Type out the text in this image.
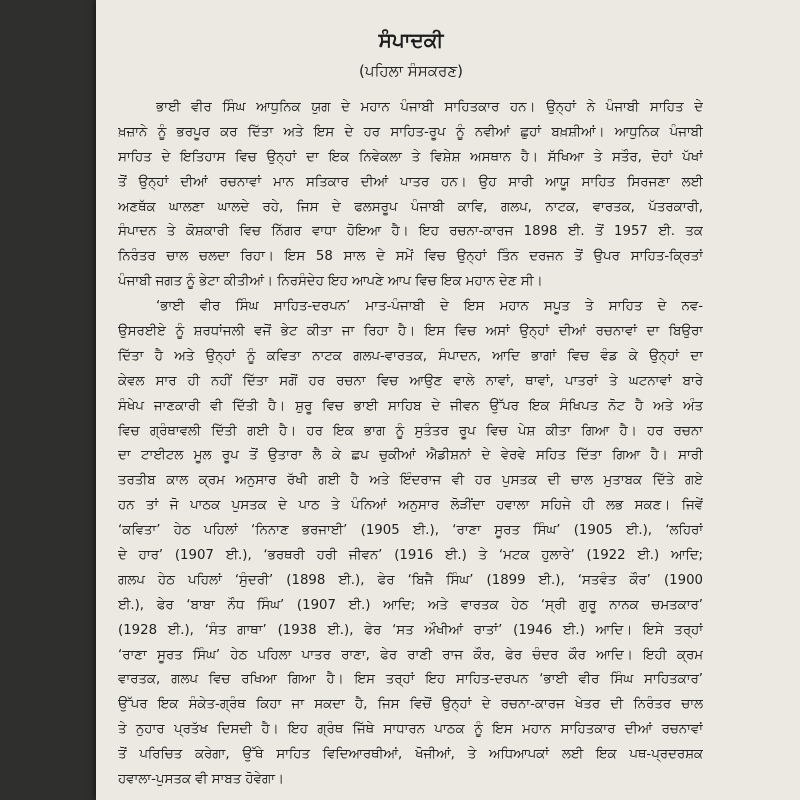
ਸੰਪਾਦਕੀ
(ਪਹਿਲਾ ਸੰਸਕਰਣ)
ਭਾਈ ਵੀਰ ਸਿੰਘ ਆਧੁਨਿਕ ਯੁਗ ਦੇ ਮਹਾਨ ਪੰਜਾਬੀ ਸਾਹਿਤਕਾਰ ਹਨ। ਉਨ੍ਹਾਂ ਨੇ ਪੰਜਾਬੀ ਸਾਹਿਤ ਦੇ
ਖ਼ਜ਼ਾਨੇ ਨੂੰ ਭਰਪੂਰ ਕਰ ਦਿੱਤਾ ਅਤੇ ਇਸ ਦੇ ਹਰ ਸਾਹਿਤ-ਰੂਪ ਨੂੰ ਨਵੀਆਂ ਛੁਹਾਂ ਬਖ਼ਸ਼ੀਆਂ। ਆਧੁਨਿਕ ਪੰਜਾਬੀ
ਸਾਹਿਤ ਦੇ ਇਤਿਹਾਸ ਵਿਚ ਉਨ੍ਹਾਂ ਦਾ ਇਕ ਨਿਵੇਕਲਾ ਤੇ ਵਿਸ਼ੇਸ਼ ਅਸਥਾਨ ਹੈ। ਸੱਖਿਆ ਤੇ ਸਤੌਰ, ਦੋਹਾਂ ਪੱਖਾਂ
ਤੋਂ ਉਨ੍ਹਾਂ ਦੀਆਂ ਰਚਨਾਵਾਂ ਮਾਨ ਸਤਿਕਾਰ ਦੀਆਂ ਪਾਤਰ ਹਨ। ਉਹ ਸਾਰੀ ਆਯੂ ਸਾਹਿਤ ਸਿਰਜਣਾ ਲਈ
ਅਣਥੱਕ ਘਾਲਣਾ ਘਾਲਦੇ ਰਹੇ, ਜਿਸ ਦੇ ਫਲਸਰੂਪ ਪੰਜਾਬੀ ਕਾਵਿ, ਗਲਪ, ਨਾਟਕ, ਵਾਰਤਕ, ਪੱਤਰਕਾਰੀ,
ਸੰਪਾਦਨ ਤੇ ਕੋਸ਼ਕਾਰੀ ਵਿਚ ਨਿੱਗਰ ਵਾਧਾ ਹੋਇਆ ਹੈ। ਇਹ ਰਚਨਾ-ਕਾਰਜ 1898 ਈ. ਤੋਂ 1957 ਈ. ਤਕ
ਨਿਰੰਤਰ ਚਾਲ ਚਲਦਾ ਰਿਹਾ। ਇਸ 58 ਸਾਲ ਦੇ ਸਮੇਂ ਵਿਚ ਉਨ੍ਹਾਂ ਤਿੰਨ ਦਰਜਨ ਤੋਂ ਉਪਰ ਸਾਹਿਤ-ਕ੍ਰਿਤਾਂ
ਪੰਜਾਬੀ ਜਗਤ ਨੂੰ ਭੇਟਾ ਕੀਤੀਆਂ। ਨਿਰਸੰਦੇਹ ਇਹ ਆਪਣੇ ਆਪ ਵਿਚ ਇਕ ਮਹਾਨ ਦੇਣ ਸੀ।
‘ਭਾਈ ਵੀਰ ਸਿੰਘ ਸਾਹਿਤ-ਦਰਪਨ’ ਮਾਤ-ਪੰਜਾਬੀ ਦੇ ਇਸ ਮਹਾਨ ਸਪੂਤ ਤੇ ਸਾਹਿਤ ਦੇ ਨਵ-
ਉਸਰਈਏ ਨੂੰ ਸ਼ਰਧਾਂਜਲੀ ਵਜੋਂ ਭੇਟ ਕੀਤਾ ਜਾ ਰਿਹਾ ਹੈ। ਇਸ ਵਿਚ ਅਸਾਂ ਉਨ੍ਹਾਂ ਦੀਆਂ ਰਚਨਾਵਾਂ ਦਾ ਬਿਉਰਾ
ਦਿੱਤਾ ਹੈ ਅਤੇ ਉਨ੍ਹਾਂ ਨੂੰ ਕਵਿਤਾ ਨਾਟਕ ਗਲਪ-ਵਾਰਤਕ, ਸੰਪਾਦਨ, ਆਦਿ ਭਾਗਾਂ ਵਿਚ ਵੰਡ ਕੇ ਉਨ੍ਹਾਂ ਦਾ
ਕੇਵਲ ਸਾਰ ਹੀ ਨਹੀਂ ਦਿੱਤਾ ਸਗੋਂ ਹਰ ਰਚਨਾ ਵਿਚ ਆਉਣ ਵਾਲੇ ਨਾਵਾਂ, ਥਾਵਾਂ, ਪਾਤਰਾਂ ਤੇ ਘਟਨਾਵਾਂ ਬਾਰੇ
ਸੰਖੇਪ ਜਾਣਕਾਰੀ ਵੀ ਦਿੱਤੀ ਹੈ। ਸ਼ੁਰੂ ਵਿਚ ਭਾਈ ਸਾਹਿਬ ਦੇ ਜੀਵਨ ਉੱਪਰ ਇਕ ਸੰਖਿਪਤ ਨੋਟ ਹੈ ਅਤੇ ਅੰਤ
ਵਿਚ ਗ੍ਰੰਥਾਵਲੀ ਦਿੱਤੀ ਗਈ ਹੈ। ਹਰ ਇਕ ਭਾਗ ਨੂੰ ਸੁਤੰਤਰ ਰੂਪ ਵਿਚ ਪੇਸ਼ ਕੀਤਾ ਗਿਆ ਹੈ। ਹਰ ਰਚਨਾ
ਦਾ ਟਾਈਟਲ ਮੂਲ ਰੂਪ ਤੋਂ ਉਤਾਰਾ ਲੈ ਕੇ ਛਪ ਚੁਕੀਆਂ ਐਡੀਸ਼ਨਾਂ ਦੇ ਵੇਰਵੇ ਸਹਿਤ ਦਿੱਤਾ ਗਿਆ ਹੈ। ਸਾਰੀ
ਤਰਤੀਬ ਕਾਲ ਕ੍ਰਮ ਅਨੁਸਾਰ ਰੱਖੀ ਗਈ ਹੈ ਅਤੇ ਇੰਦਰਾਜ ਵੀ ਹਰ ਪੁਸਤਕ ਦੀ ਚਾਲ ਮੁਤਾਬਕ ਦਿੱਤੇ ਗਏ
ਹਨ ਤਾਂ ਜੋ ਪਾਠਕ ਪੁਸਤਕ ਦੇ ਪਾਠ ਤੇ ਪੰਨਿਆਂ ਅਨੁਸਾਰ ਲੋੜੀਂਦਾ ਹਵਾਲਾ ਸਹਿਜੇ ਹੀ ਲਭ ਸਕਣ। ਜਿਵੇਂ
‘ਕਵਿਤਾ’ ਹੇਠ ਪਹਿਲਾਂ ‘ਨਿਨਾਣ ਭਰਜਾਈ’ (1905 ਈ.), ‘ਰਾਣਾ ਸੂਰਤ ਸਿੰਘ’ (1905 ਈ.), ‘ਲਹਿਰਾਂ
ਦੇ ਹਾਰ’ (1907 ਈ.), ‘ਭਰਥਰੀ ਹਰੀ ਜੀਵਨ’ (1916 ਈ.) ਤੇ ‘ਮਟਕ ਹੁਲਾਰੇ’ (1922 ਈ.) ਆਦਿ;
ਗਲਪ ਹੇਠ ਪਹਿਲਾਂ ‘ਸੁੰਦਰੀ’ (1898 ਈ.), ਫੇਰ ‘ਬਿਜੈ ਸਿੰਘ’ (1899 ਈ.), ‘ਸਤਵੰਤ ਕੌਰ’ (1900
ਈ.), ਫੇਰ ‘ਬਾਬਾ ਨੌਧ ਸਿੰਘ’ (1907 ਈ.) ਆਦਿ; ਅਤੇ ਵਾਰਤਕ ਹੇਠ ‘ਸ੍ਰੀ ਗੁਰੂ ਨਾਨਕ ਚਮਤਕਾਰ’
(1928 ਈ.), ‘ਸੰਤ ਗਾਥਾ’ (1938 ਈ.), ਫੇਰ ‘ਸਤ ਔਖੀਆਂ ਰਾਤਾਂ’ (1946 ਈ.) ਆਦਿ। ਇਸੇ ਤਰ੍ਹਾਂ
‘ਰਾਣਾ ਸੂਰਤ ਸਿੰਘ’ ਹੇਠ ਪਹਿਲਾ ਪਾਤਰ ਰਾਣਾ, ਫੇਰ ਰਾਣੀ ਰਾਜ ਕੌਰ, ਫੇਰ ਚੰਦਰ ਕੌਰ ਆਦਿ। ਇਹੀ ਕ੍ਰਮ
ਵਾਰਤਕ, ਗਲਪ ਵਿਚ ਰਖਿਆ ਗਿਆ ਹੈ। ਇਸ ਤਰ੍ਹਾਂ ਇਹ ਸਾਹਿਤ-ਦਰਪਨ ‘ਭਾਈ ਵੀਰ ਸਿੰਘ ਸਾਹਿਤਕਾਰ’
ਉੱਪਰ ਇਕ ਸੰਕੇਤ-ਗ੍ਰੰਥ ਕਿਹਾ ਜਾ ਸਕਦਾ ਹੈ, ਜਿਸ ਵਿਚੋਂ ਉਨ੍ਹਾਂ ਦੇ ਰਚਨਾ-ਕਾਰਜ ਖੇਤਰ ਦੀ ਨਿਰੰਤਰ ਚਾਲ
ਤੇ ਨੁਹਾਰ ਪ੍ਰਤੱਖ ਦਿਸਦੀ ਹੈ। ਇਹ ਗ੍ਰੰਥ ਜਿੱਥੇ ਸਾਧਾਰਨ ਪਾਠਕ ਨੂੰ ਇਸ ਮਹਾਨ ਸਾਹਿਤਕਾਰ ਦੀਆਂ ਰਚਨਾਵਾਂ
ਤੋਂ ਪਰਿਚਿਤ ਕਰੇਗਾ, ਉੱਥੇ ਸਾਹਿਤ ਵਿਦਿਆਰਥੀਆਂ, ਖੋਜੀਆਂ, ਤੇ ਅਧਿਆਪਕਾਂ ਲਈ ਇਕ ਪਥ-ਪ੍ਰਦਰਸ਼ਕ
ਹਵਾਲਾ-ਪੁਸਤਕ ਵੀ ਸਾਬਤ ਹੋਵੇਗਾ।
